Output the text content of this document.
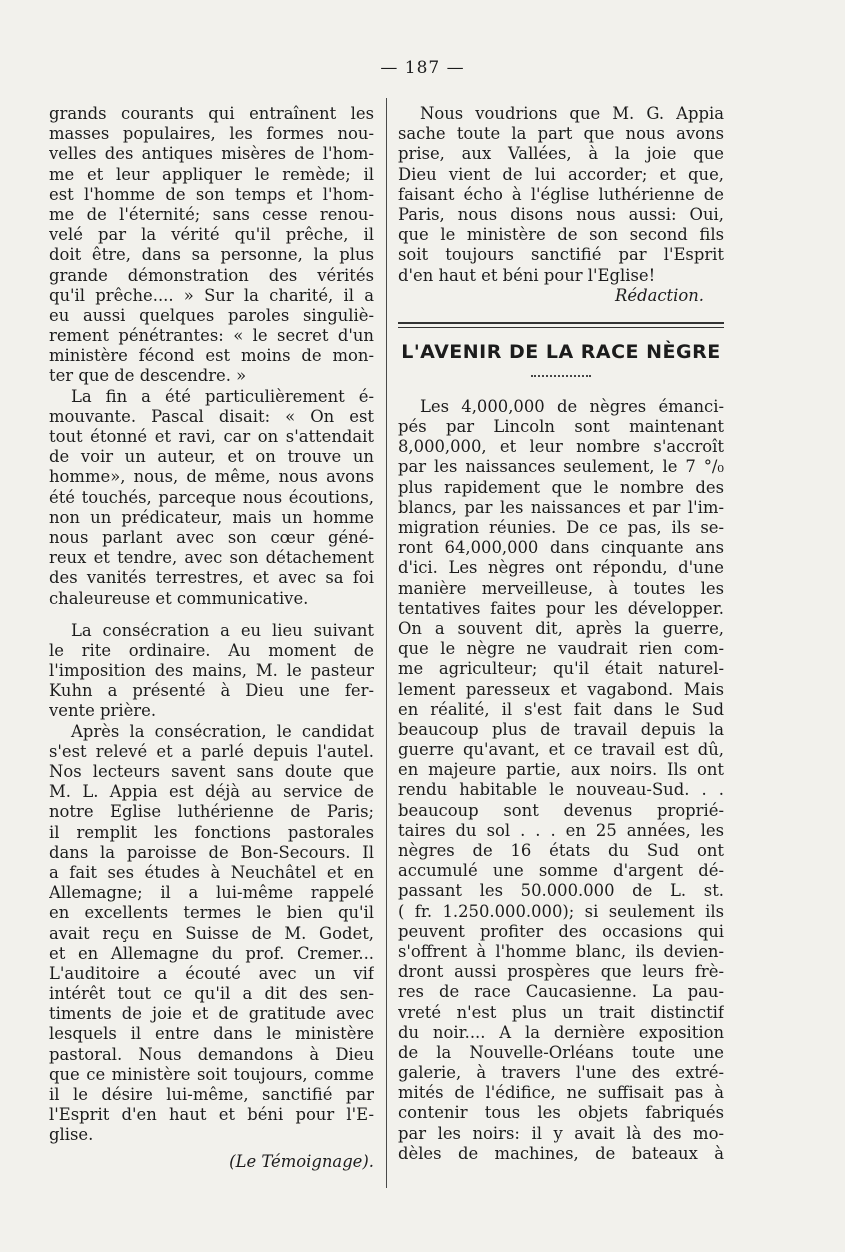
— 187 —
grands courants qui entraînent les
masses populaires, les formes nou-
velles des antiques misères de l'hom-
me et leur appliquer le remède; il
est l'homme de son temps et l'hom-
me de l'éternité; sans cesse renou-
velé par la vérité qu'il prêche, il
doit être, dans sa personne, la plus
grande démonstration des vérités
qu'il prêche.... » Sur la charité, il a
eu aussi quelques paroles singuliè-
rement pénétrantes: « le secret d'un
ministère fécond est moins de mon-
ter que de descendre. »
La fin a été particulièrement é-
mouvante. Pascal disait: « On est
tout étonné et ravi, car on s'attendait
de voir un auteur, et on trouve un
homme», nous, de même, nous avons
été touchés, parceque nous écoutions,
non un prédicateur, mais un homme
nous parlant avec son cœur géné-
reux et tendre, avec son détachement
des vanités terrestres, et avec sa foi
chaleureuse et communicative.
La consécration a eu lieu suivant
le rite ordinaire. Au moment de
l'imposition des mains, M. le pasteur
Kuhn a présenté à Dieu une fer-
vente prière.
Après la consécration, le candidat
s'est relevé et a parlé depuis l'autel.
Nos lecteurs savent sans doute que
M. L. Appia est déjà au service de
notre Eglise luthérienne de Paris;
il remplit les fonctions pastorales
dans la paroisse de Bon-Secours. Il
a fait ses études à Neuchâtel et en
Allemagne; il a lui-même rappelé
en excellents termes le bien qu'il
avait reçu en Suisse de M. Godet,
et en Allemagne du prof. Cremer...
L'auditoire a écouté avec un vif
intérêt tout ce qu'il a dit des sen-
timents de joie et de gratitude avec
lesquels il entre dans le ministère
pastoral. Nous demandons à Dieu
que ce ministère soit toujours, comme
il le désire lui-même, sanctifié par
l'Esprit d'en haut et béni pour l'E-
glise.
(Le Témoignage).
Nous voudrions que M. G. Appia
sache toute la part que nous avons
prise, aux Vallées, à la joie que
Dieu vient de lui accorder; et que,
faisant écho à l'église luthérienne de
Paris, nous disons nous aussi: Oui,
que le ministère de son second fils
soit toujours sanctifié par l'Esprit
d'en haut et béni pour l'Eglise!
Rédaction.
L'AVENIR DE LA RACE NÈGRE
Les 4,000,000 de nègres émanci-
pés par Lincoln sont maintenant
8,000,000, et leur nombre s'accroît
par les naissances seulement, le 7 °/₀
plus rapidement que le nombre des
blancs, par les naissances et par l'im-
migration réunies. De ce pas, ils se-
ront 64,000,000 dans cinquante ans
d'ici. Les nègres ont répondu, d'une
manière merveilleuse, à toutes les
tentatives faites pour les développer.
On a souvent dit, après la guerre,
que le nègre ne vaudrait rien com-
me agriculteur; qu'il était naturel-
lement paresseux et vagabond. Mais
en réalité, il s'est fait dans le Sud
beaucoup plus de travail depuis la
guerre qu'avant, et ce travail est dû,
en majeure partie, aux noirs. Ils ont
rendu habitable le nouveau-Sud. . .
beaucoup sont devenus proprié-
taires du sol . . . en 25 années, les
nègres de 16 états du Sud ont
accumulé une somme d'argent dé-
passant les 50.000.000 de L. st.
( fr. 1.250.000.000); si seulement ils
peuvent profiter des occasions qui
s'offrent à l'homme blanc, ils devien-
dront aussi prospères que leurs frè-
res de race Caucasienne. La pau-
vreté n'est plus un trait distinctif
du noir.... A la dernière exposition
de la Nouvelle-Orléans toute une
galerie, à travers l'une des extré-
mités de l'édifice, ne suffisait pas à
contenir tous les objets fabriqués
par les noirs: il y avait là des mo-
dèles de machines, de bateaux à
